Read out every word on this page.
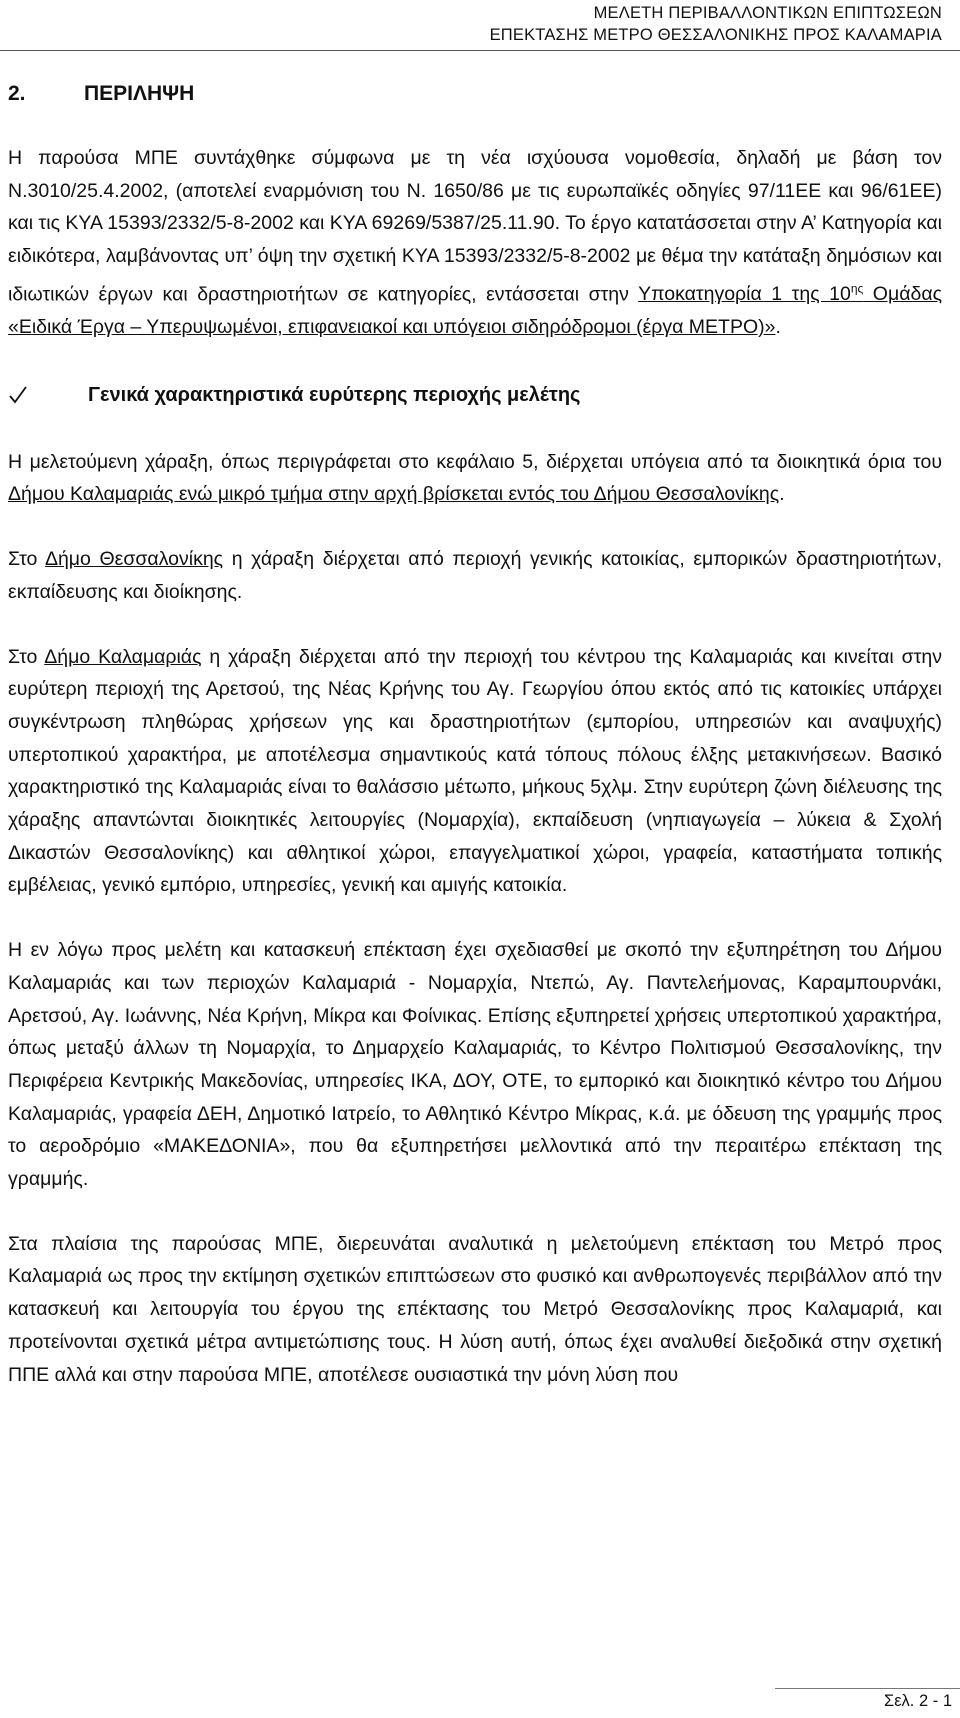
ΜΕΛΕΤΗ ΠΕΡΙΒΑΛΛΟΝΤΙΚΩΝ ΕΠΙΠΤΩΣΕΩΝ
ΕΠΕΚΤΑΣΗΣ ΜΕΤΡΟ ΘΕΣΣΑΛΟΝΙΚΗΣ ΠΡΟΣ ΚΑΛΑΜΑΡΙΑ
2.	ΠΕΡΙΛΗΨΗ

Η παρούσα ΜΠΕ συντάχθηκε σύμφωνα με τη νέα ισχύουσα νομοθεσία, δηλαδή με βάση τον Ν.3010/25.4.2002, (αποτελεί εναρμόνιση του Ν. 1650/86 με τις ευρωπαϊκές οδηγίες 97/11ΕΕ και 96/61ΕΕ) και τις ΚΥΑ 15393/2332/5-8-2002 και ΚΥΑ 69269/5387/25.11.90. Το έργο κατατάσσεται στην Α’ Κατηγορία και ειδικότερα, λαμβάνοντας υπ’ όψη την σχετική ΚΥΑ 15393/2332/5-8-2002 με θέμα την κατάταξη δημόσιων και ιδιωτικών έργων και δραστηριοτήτων σε κατηγορίες, εντάσσεται στην Υποκατηγορία 1 της $10^{\eta\varsigma}$ Ομάδας «Ειδικά Έργα – Υπερυψωμένοι, επιφανειακοί και υπόγειοι σιδηρόδρομοι (έργα ΜΕΤΡΟ)».

Γενικά χαρακτηριστικά ευρύτερης περιοχής μελέτης

Η μελετούμενη χάραξη, όπως περιγράφεται στο κεφάλαιο 5, διέρχεται υπόγεια από τα διοικητικά όρια του Δήμου Καλαμαριάς ενώ μικρό τμήμα στην αρχή βρίσκεται εντός του Δήμου Θεσσαλονίκης.

Στο Δήμο Θεσσαλονίκης η χάραξη διέρχεται από περιοχή γενικής κατοικίας, εμπορικών δραστηριοτήτων, εκπαίδευσης και διοίκησης.

Στο Δήμο Καλαμαριάς η χάραξη διέρχεται από την περιοχή του κέντρου της Καλαμαριάς και κινείται στην ευρύτερη περιοχή της Αρετσού, της Νέας Κρήνης του Αγ. Γεωργίου όπου εκτός από τις κατοικίες υπάρχει συγκέντρωση πληθώρας χρήσεων γης και δραστηριοτήτων (εμπορίου, υπηρεσιών και αναψυχής) υπερτοπικού χαρακτήρα, με αποτέλεσμα σημαντικούς κατά τόπους πόλους έλξης μετακινήσεων. Βασικό χαρακτηριστικό της Καλαμαριάς είναι το θαλάσσιο μέτωπο, μήκους 5χλμ. Στην ευρύτερη ζώνη διέλευσης της χάραξης απαντώνται διοικητικές λειτουργίες (Νομαρχία), εκπαίδευση (νηπιαγωγεία – λύκεια & Σχολή Δικαστών Θεσσαλονίκης) και αθλητικοί χώροι, επαγγελματικοί χώροι, γραφεία, καταστήματα τοπικής εμβέλειας, γενικό εμπόριο, υπηρεσίες, γενική και αμιγής κατοικία.

Η εν λόγω προς μελέτη και κατασκευή επέκταση έχει σχεδιασθεί με σκοπό την εξυπηρέτηση του Δήμου Καλαμαριάς και των περιοχών Καλαμαριά - Νομαρχία, Ντεπώ, Αγ. Παντελεήμονας, Καραμπουρνάκι, Αρετσού, Αγ. Ιωάννης, Νέα Κρήνη, Μίκρα και Φοίνικας. Επίσης εξυπηρετεί χρήσεις υπερτοπικού χαρακτήρα, όπως μεταξύ άλλων τη Νομαρχία, το Δημαρχείο Καλαμαριάς, το Κέντρο Πολιτισμού Θεσσαλονίκης, την Περιφέρεια Κεντρικής Μακεδονίας, υπηρεσίες ΙΚΑ, ΔΟΥ, ΟΤΕ, το εμπορικό και διοικητικό κέντρο του Δήμου Καλαμαριάς, γραφεία ΔΕΗ, Δημοτικό Ιατρείο, το Αθλητικό Κέντρο Μίκρας, κ.ά. με όδευση της γραμμής προς το αεροδρόμιο «ΜΑΚΕΔΟΝΙΑ», που θα εξυπηρετήσει μελλοντικά από την περαιτέρω επέκταση της γραμμής.

Στα πλαίσια της παρούσας ΜΠΕ, διερευνάται αναλυτικά η μελετούμενη επέκταση του Μετρό προς Καλαμαριά ως προς την εκτίμηση σχετικών επιπτώσεων στο φυσικό και ανθρωπογενές περιβάλλον από την κατασκευή και λειτουργία του έργου της επέκτασης του Μετρό Θεσσαλονίκης προς Καλαμαριά, και προτείνονται σχετικά μέτρα αντιμετώπισης τους. Η λύση αυτή, όπως έχει αναλυθεί διεξοδικά στην σχετική ΠΠΕ αλλά και στην παρούσα ΜΠΕ, αποτέλεσε ουσιαστικά την μόνη λύση που

Σελ. 2 - 1
